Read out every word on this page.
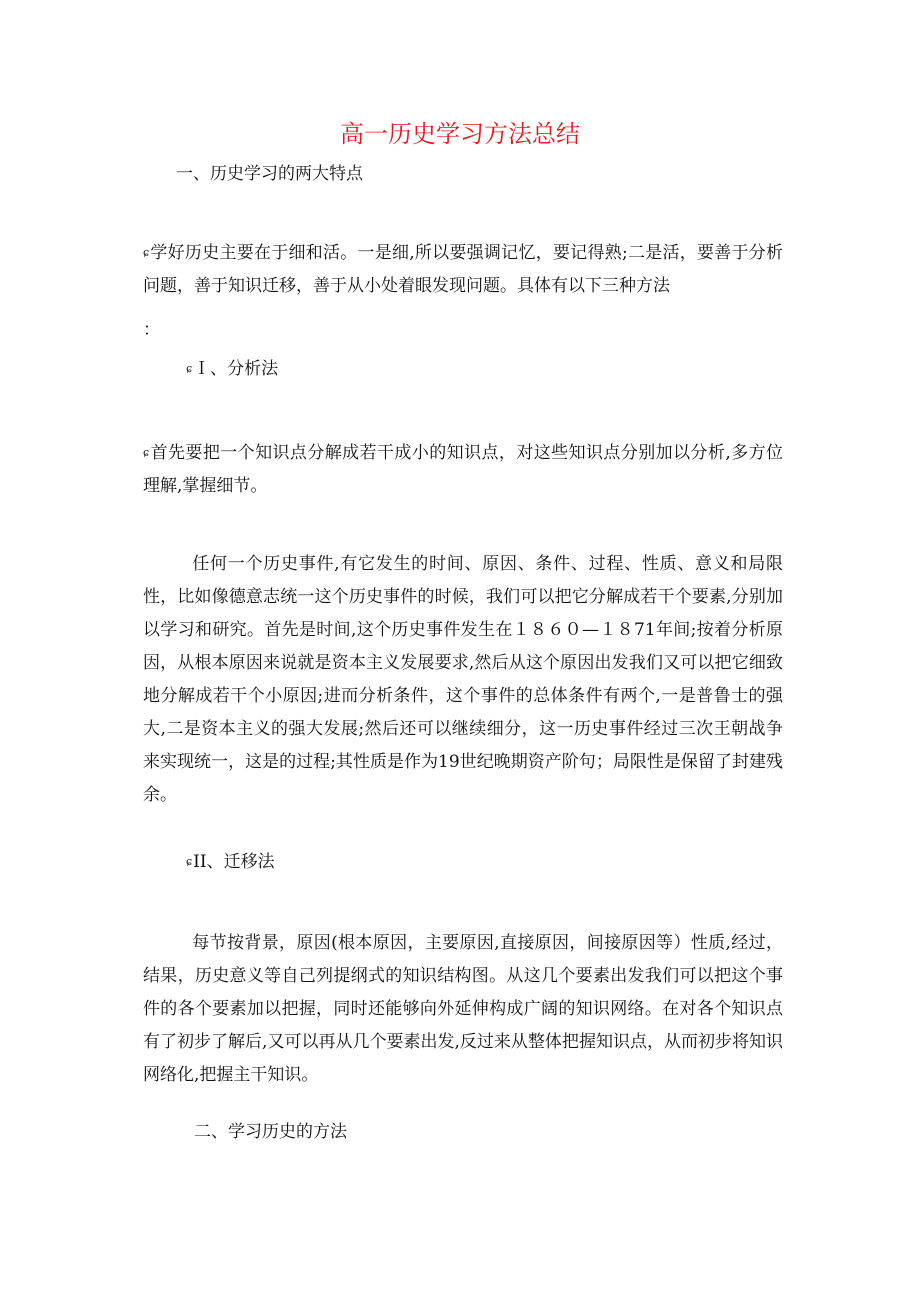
高一历史学习方法总结
一、历史学习的两大特点
ɕ学好历史主要在于细和活。一是细,所以要强调记忆，要记得熟;二是活，要善于分析问题，善于知识迁移，善于从小处着眼发现问题。具体有以下三种方法
：
ɕＩ、分析法
ɕ首先要把一个知识点分解成若干成小的知识点，对这些知识点分别加以分析,多方位理解,掌握细节。
任何一个历史事件,有它发生的时间、原因、条件、过程、性质、意义和局限性，比如像德意志统一这个历史事件的时候，我们可以把它分解成若干个要素,分别加以学习和研究。首先是时间,这个历史事件发生在１８６０—１８71年间;按着分析原因，从根本原因来说就是资本主义发展要求,然后从这个原因出发我们又可以把它细致地分解成若干个小原因;进而分析条件，这个事件的总体条件有两个,一是普鲁士的强大,二是资本主义的强大发展;然后还可以继续细分，这一历史事件经过三次王朝战争来实现统一，这是的过程;其性质是作为19世纪晚期资产阶句；局限性是保留了封建残余。
ɕII、迁移法
每节按背景，原因(根本原因，主要原因,直接原因，间接原因等）性质,经过，结果，历史意义等自己列提纲式的知识结构图。从这几个要素出发我们可以把这个事件的各个要素加以把握，同时还能够向外延伸构成广阔的知识网络。在对各个知识点有了初步了解后,又可以再从几个要素出发,反过来从整体把握知识点，从而初步将知识网络化,把握主干知识。
二、学习历史的方法
